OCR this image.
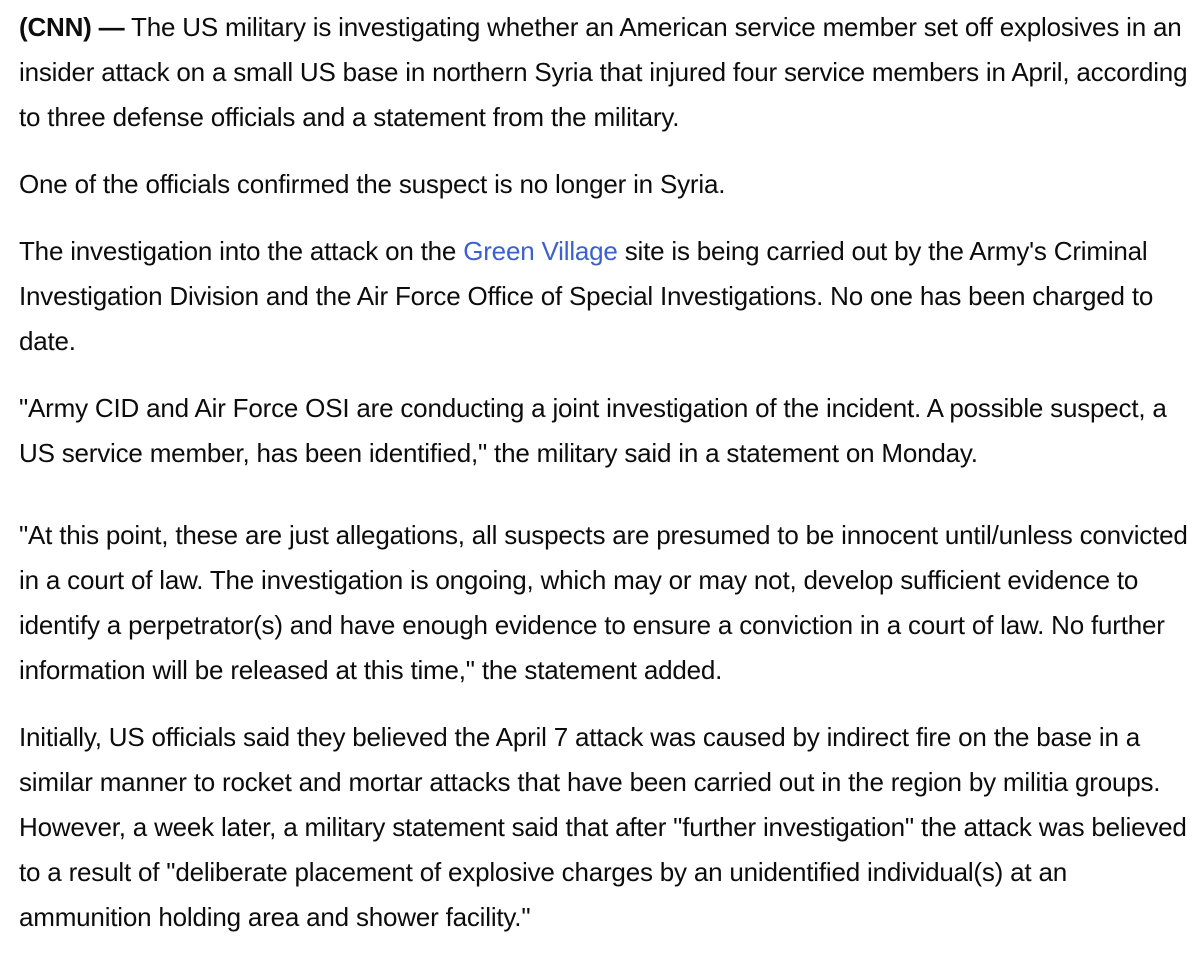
(CNN) — The US military is investigating whether an American service member set off explosives in an insider attack on a small US base in northern Syria that injured four service members in April, according to three defense officials and a statement from the military.

One of the officials confirmed the suspect is no longer in Syria.

The investigation into the attack on the Green Village site is being carried out by the Army's Criminal Investigation Division and the Air Force Office of Special Investigations. No one has been charged to date.

"Army CID and Air Force OSI are conducting a joint investigation of the incident. A possible suspect, a US service member, has been identified," the military said in a statement on Monday.

"At this point, these are just allegations, all suspects are presumed to be innocent until/unless convicted in a court of law. The investigation is ongoing, which may or may not, develop sufficient evidence to identify a perpetrator(s) and have enough evidence to ensure a conviction in a court of law. No further information will be released at this time," the statement added.

Initially, US officials said they believed the April 7 attack was caused by indirect fire on the base in a similar manner to rocket and mortar attacks that have been carried out in the region by militia groups. However, a week later, a military statement said that after "further investigation" the attack was believed to a result of "deliberate placement of explosive charges by an unidentified individual(s) at an ammunition holding area and shower facility."
